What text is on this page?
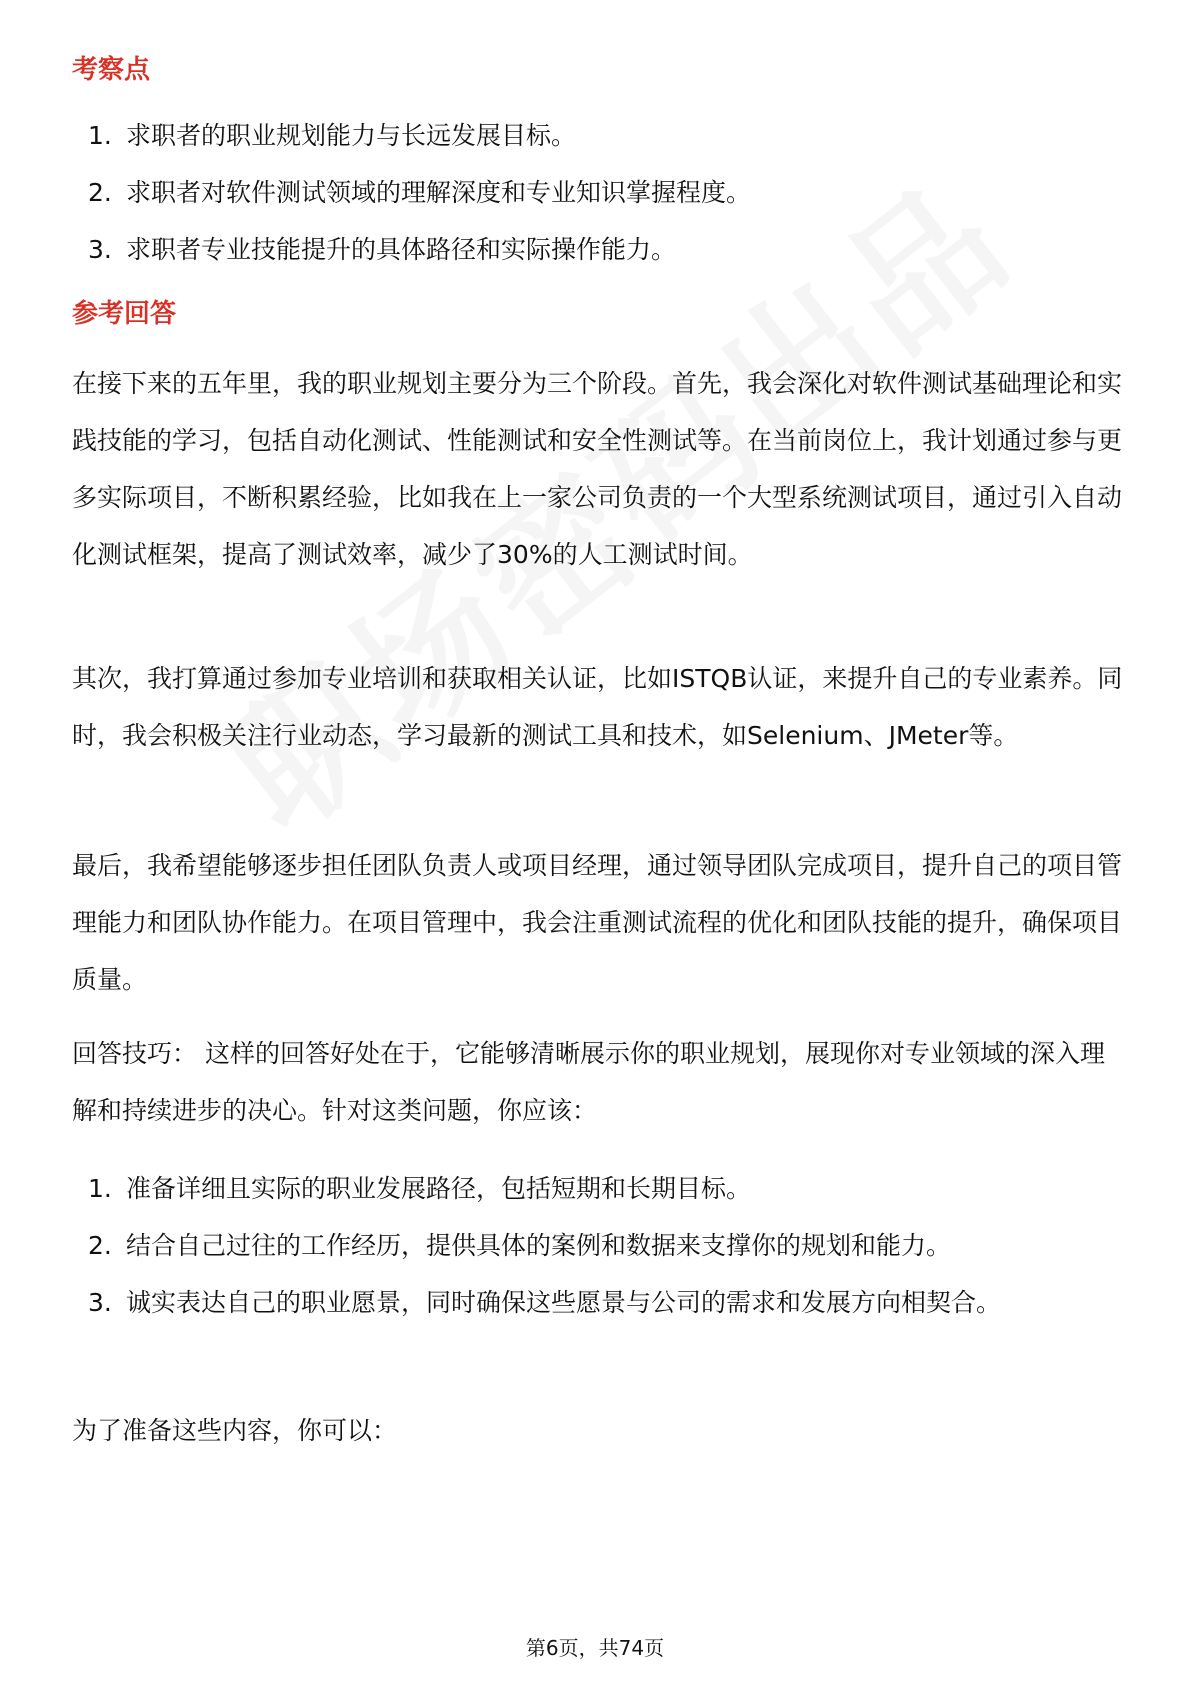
考察点
1. 求职者的职业规划能力与长远发展目标。
2. 求职者对软件测试领域的理解深度和专业知识掌握程度。
3. 求职者专业技能提升的具体路径和实际操作能力。
参考回答

在接下来的五年里，我的职业规划主要分为三个阶段。首先，我会深化对软件测试基础理论和实践技能的学习，包括自动化测试、性能测试和安全性测试等。在当前岗位上，我计划通过参与更多实际项目，不断积累经验，比如我在上一家公司负责的一个大型系统测试项目，通过引入自动化测试框架，提高了测试效率，减少了30%的人工测试时间。

其次，我打算通过参加专业培训和获取相关认证，比如ISTQB认证，来提升自己的专业素养。同时，我会积极关注行业动态，学习最新的测试工具和技术，如Selenium、JMeter等。

最后，我希望能够逐步担任团队负责人或项目经理，通过领导团队完成项目，提升自己的项目管理能力和团队协作能力。在项目管理中，我会注重测试流程的优化和团队技能的提升，确保项目质量。

回答技巧： 这样的回答好处在于，它能够清晰展示你的职业规划，展现你对专业领域的深入理解和持续进步的决心。针对这类问题，你应该：

1. 准备详细且实际的职业发展路径，包括短期和长期目标。
2. 结合自己过往的工作经历，提供具体的案例和数据来支撑你的规划和能力。
3. 诚实表达自己的职业愿景，同时确保这些愿景与公司的需求和发展方向相契合。

为了准备这些内容，你可以：

第6页，共74页
